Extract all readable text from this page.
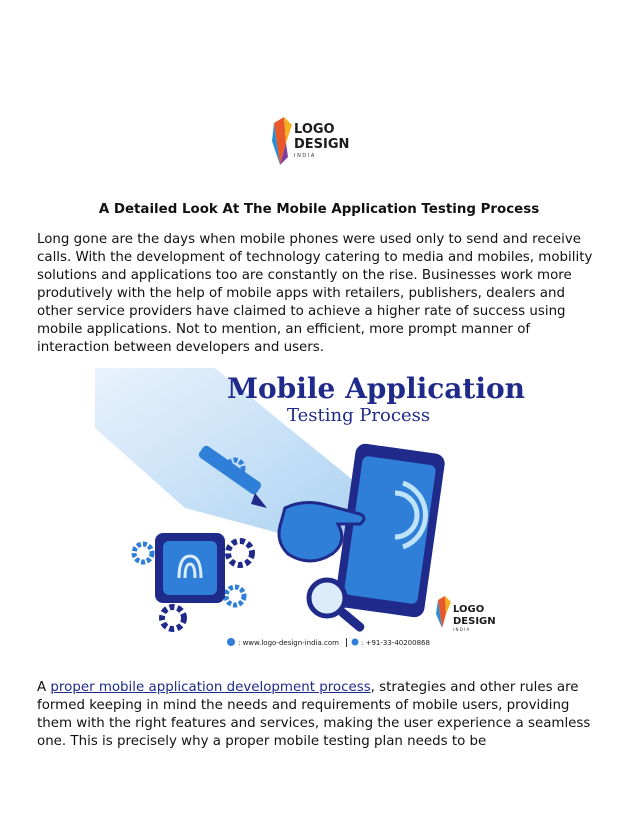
LOGO
DESIGN
I N D I A
A Detailed Look At The Mobile Application Testing Process

Long gone are the days when mobile phones were used only to send and receive calls. With the development of technology catering to media and mobiles, mobility solutions and applications too are constantly on the rise. Businesses work more produtively with the help of mobile apps with retailers, publishers, dealers and other service providers have claimed to achieve a higher rate of success using mobile applications. Not to mention, an efficient, more prompt manner of interaction between developers and users.

Mobile Application
Testing Process
LOGO
DESIGN
I N D I A
: www.logo-design-india.com	: +91-33-40200868

A proper mobile application development process, strategies and other rules are formed keeping in mind the needs and requirements of mobile users, providing them with the right features and services, making the user experience a seamless one. This is precisely why a proper mobile testing plan needs to be
